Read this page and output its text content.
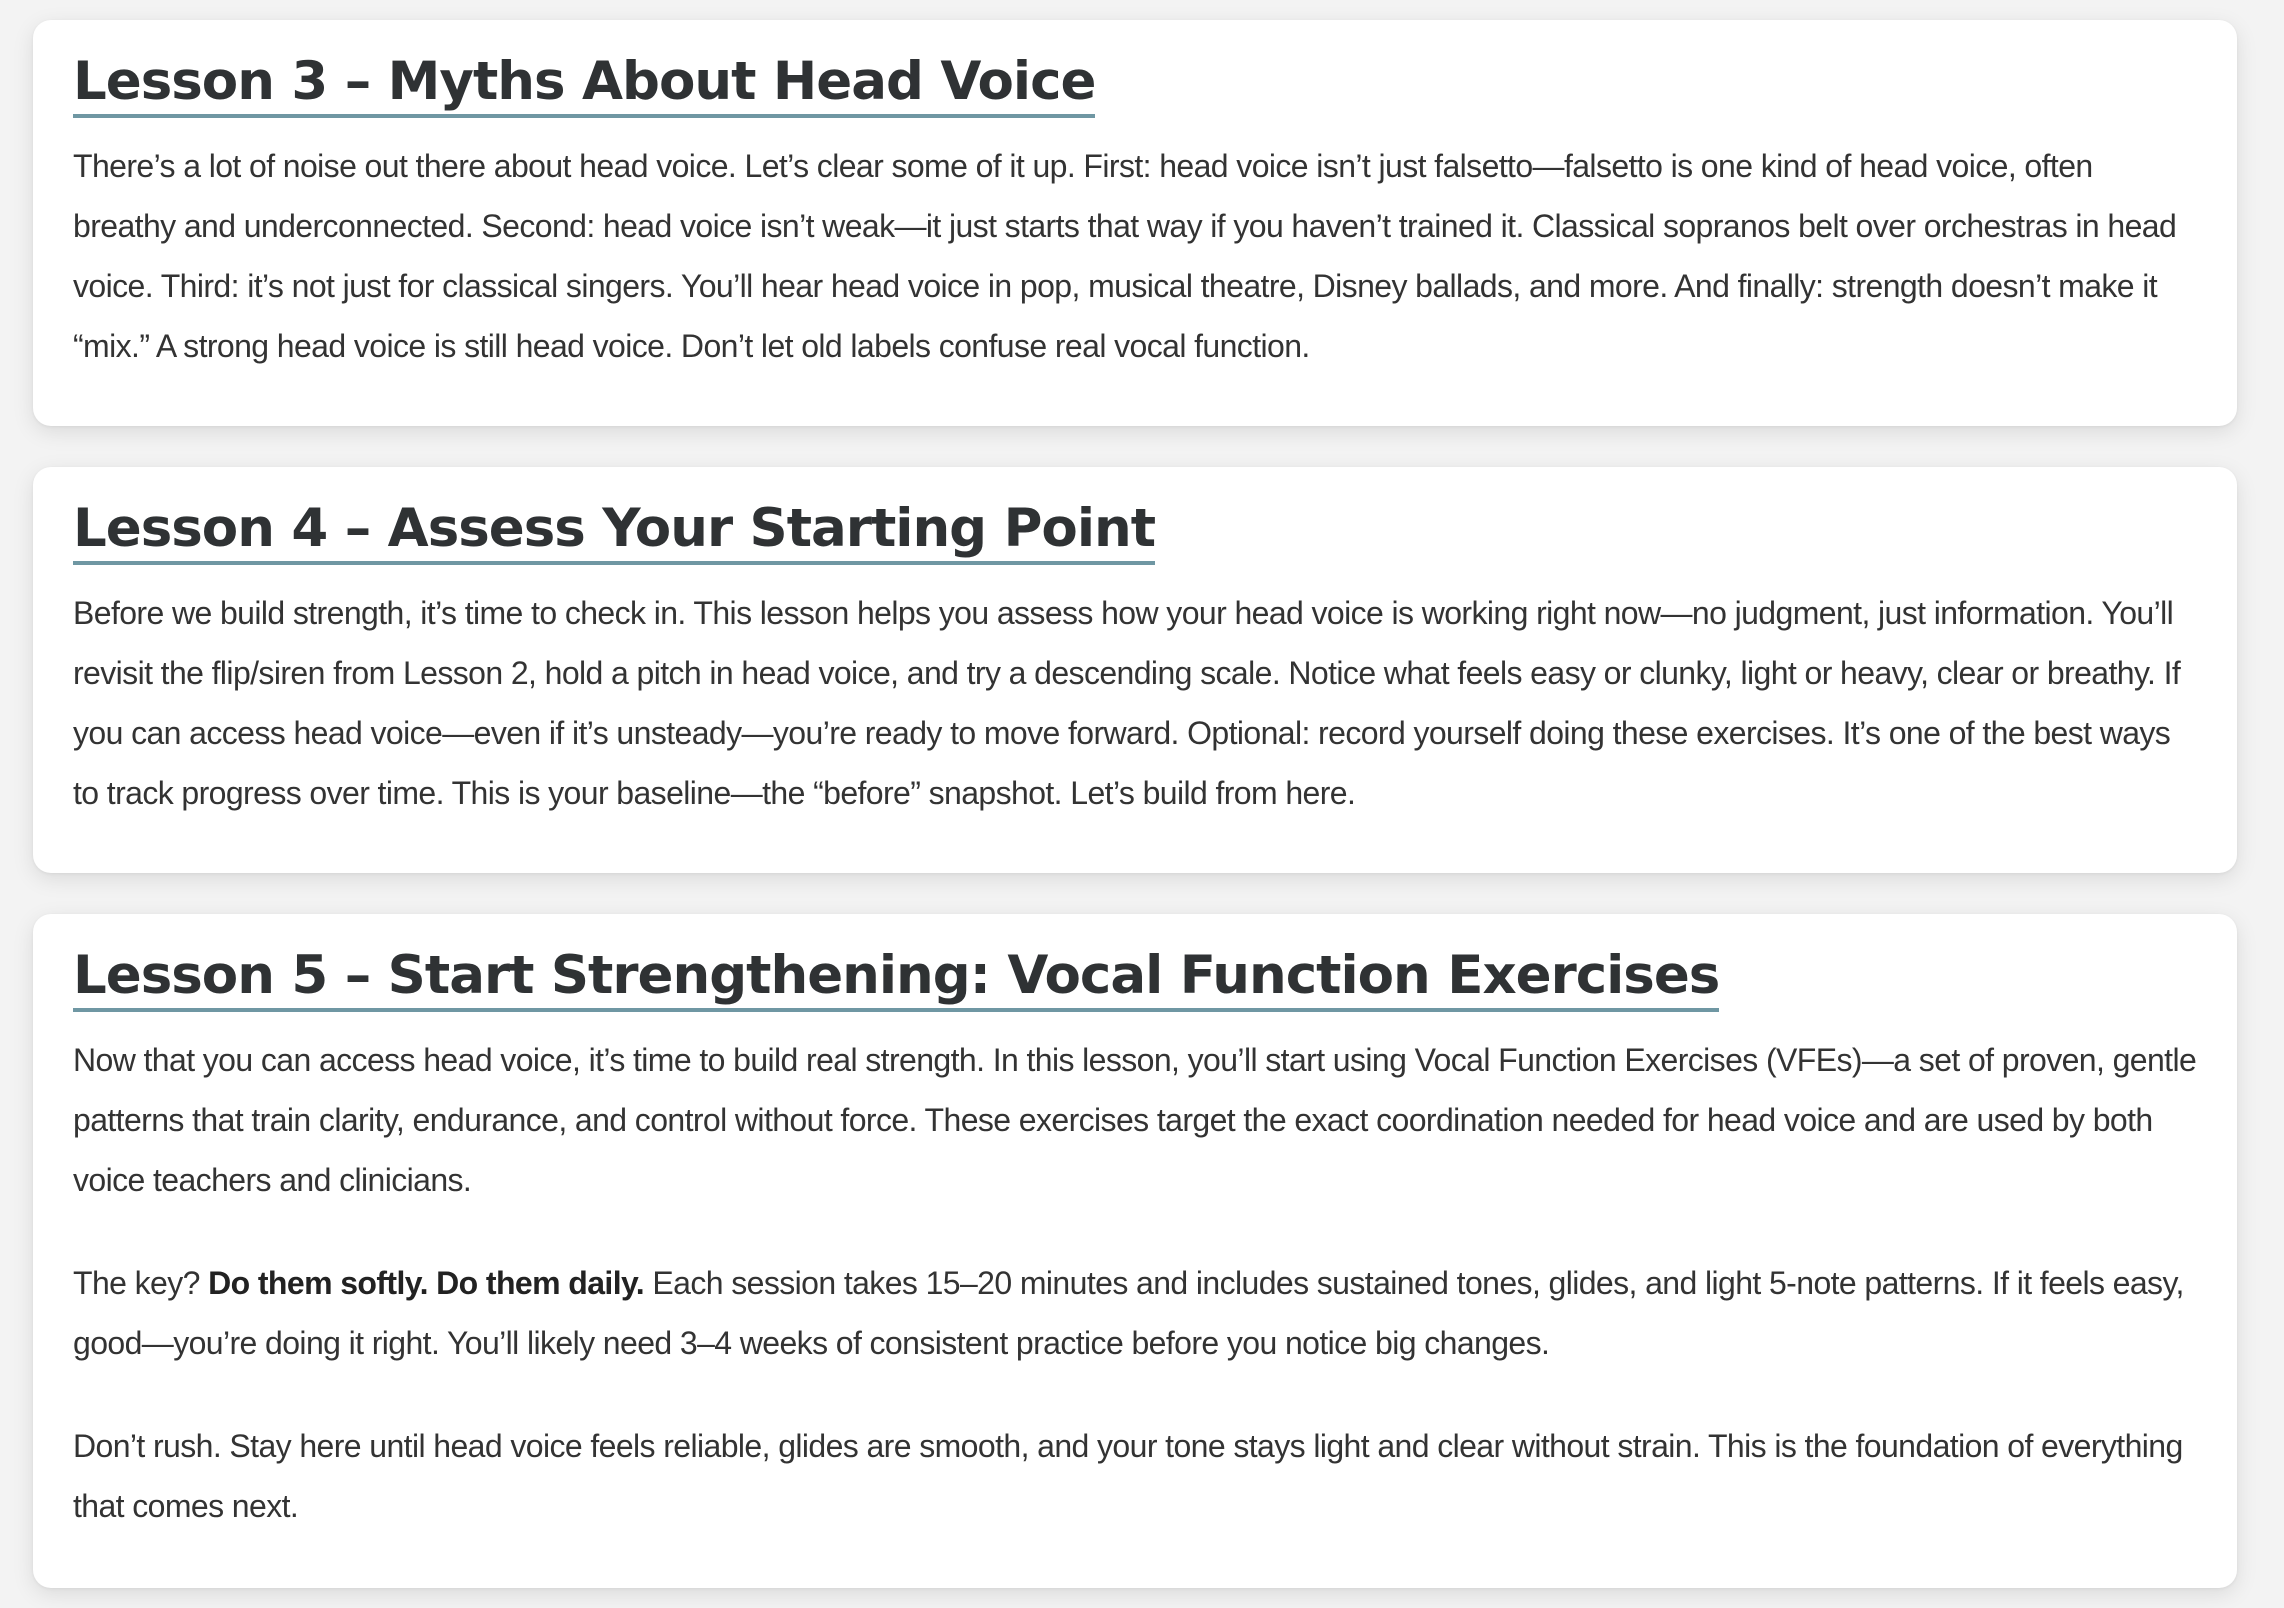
Lesson 3 – Myths About Head Voice

There’s a lot of noise out there about head voice. Let’s clear some of it up. First: head voice isn’t just falsetto—falsetto is one kind of head voice, often breathy and underconnected. Second: head voice isn’t weak—it just starts that way if you haven’t trained it. Classical sopranos belt over orchestras in head voice. Third: it’s not just for classical singers. You’ll hear head voice in pop, musical theatre, Disney ballads, and more. And finally: strength doesn’t make it “mix.” A strong head voice is still head voice. Don’t let old labels confuse real vocal function.

Lesson 4 – Assess Your Starting Point

Before we build strength, it’s time to check in. This lesson helps you assess how your head voice is working right now—no judgment, just information. You’ll revisit the flip/siren from Lesson 2, hold a pitch in head voice, and try a descending scale. Notice what feels easy or clunky, light or heavy, clear or breathy. If you can access head voice—even if it’s unsteady—you’re ready to move forward. Optional: record yourself doing these exercises. It’s one of the best ways to track progress over time. This is your baseline—the “before” snapshot. Let’s build from here.

Lesson 5 – Start Strengthening: Vocal Function Exercises

Now that you can access head voice, it’s time to build real strength. In this lesson, you’ll start using Vocal Function Exercises (VFEs)—a set of proven, gentle patterns that train clarity, endurance, and control without force. These exercises target the exact coordination needed for head voice and are used by both voice teachers and clinicians.

The key? Do them softly. Do them daily. Each session takes 15–20 minutes and includes sustained tones, glides, and light 5-note patterns. If it feels easy, good—you’re doing it right. You’ll likely need 3–4 weeks of consistent practice before you notice big changes.

Don’t rush. Stay here until head voice feels reliable, glides are smooth, and your tone stays light and clear without strain. This is the foundation of everything that comes next.
